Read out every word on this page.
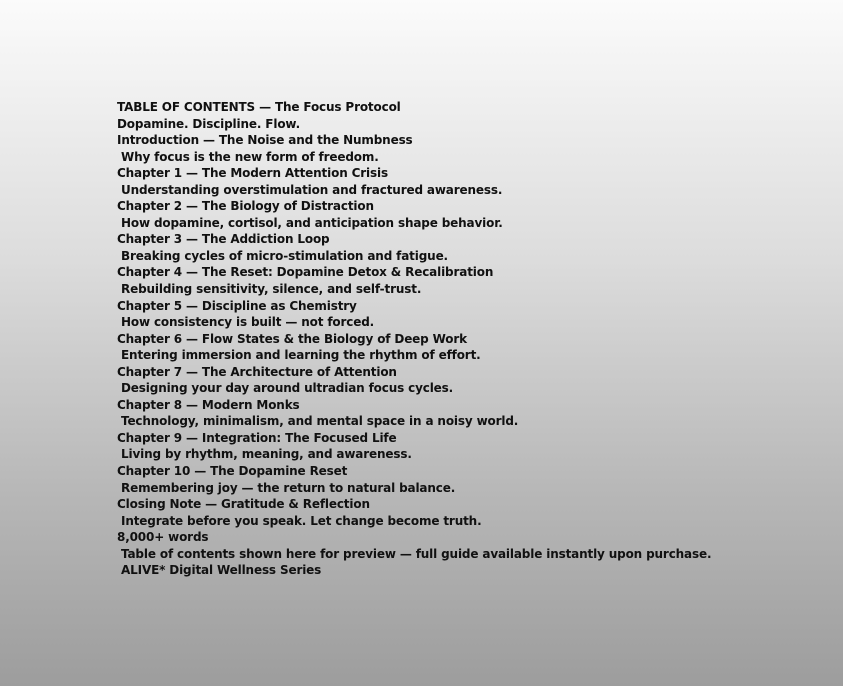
TABLE OF CONTENTS — The Focus Protocol
Dopamine. Discipline. Flow.
Introduction — The Noise and the Numbness
Why focus is the new form of freedom.
Chapter 1 — The Modern Attention Crisis
Understanding overstimulation and fractured awareness.
Chapter 2 — The Biology of Distraction
How dopamine, cortisol, and anticipation shape behavior.
Chapter 3 — The Addiction Loop
Breaking cycles of micro-stimulation and fatigue.
Chapter 4 — The Reset: Dopamine Detox & Recalibration
Rebuilding sensitivity, silence, and self-trust.
Chapter 5 — Discipline as Chemistry
How consistency is built — not forced.
Chapter 6 — Flow States & the Biology of Deep Work
Entering immersion and learning the rhythm of effort.
Chapter 7 — The Architecture of Attention
Designing your day around ultradian focus cycles.
Chapter 8 — Modern Monks
Technology, minimalism, and mental space in a noisy world.
Chapter 9 — Integration: The Focused Life
Living by rhythm, meaning, and awareness.
Chapter 10 — The Dopamine Reset
Remembering joy — the return to natural balance.
Closing Note — Gratitude & Reflection
Integrate before you speak. Let change become truth.
8,000+ words
Table of contents shown here for preview — full guide available instantly upon purchase.
ALIVE* Digital Wellness Series
